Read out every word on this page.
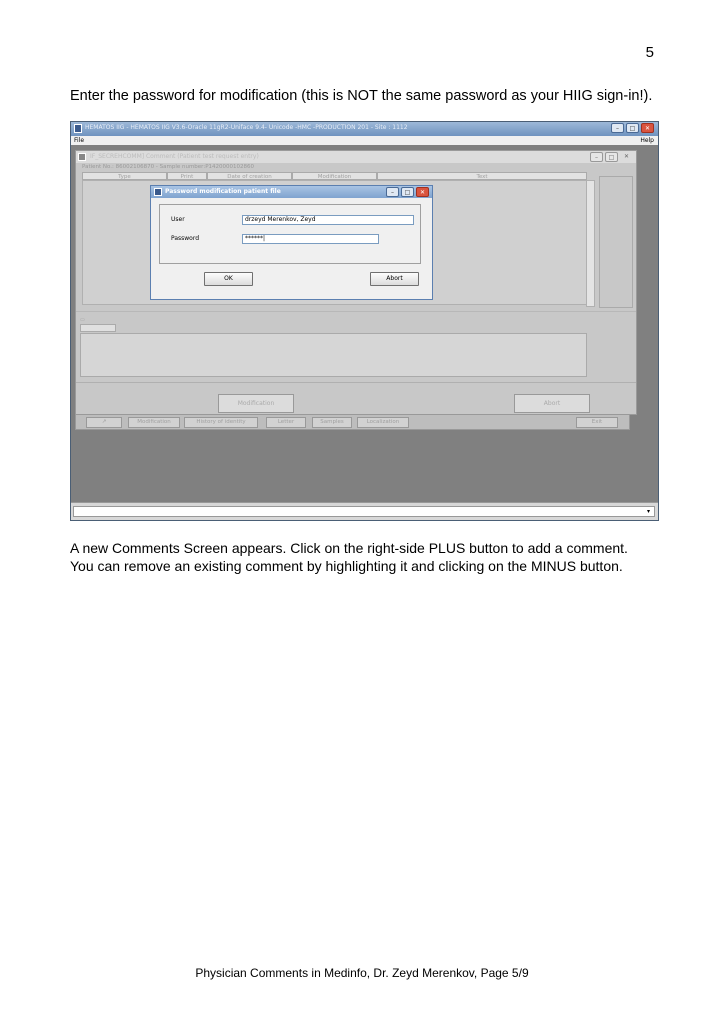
5
Enter the password for modification (this is NOT the same password as your HIIG sign-in!).
HEMATOS IIG - HEMATOS IIG V3.6-Oracle 11gR2-Uniface 9.4- Unicode -HMC -PRODUCTION 201 - Site : 1112	–	□	✕
File	Help
IF_SECREHCOMM] Comment (Patient test request entry)	–	□	✕
Patient No.: 86002106870 - Sample number:P1420000102860
Type	Print	Date of creation	Modification	Text
▭
Modification	Abort
↗	Modification	History of identity	Letter	Samples	Localization	Exit
▾
Password modification patient file	–	□	✕
User	drzeyd Merenkov, Zeyd
Password	******|
OK	Abort
A new Comments Screen appears. Click on the right-side PLUS button to add a comment.
You can remove an existing comment by highlighting it and clicking on the MINUS button.
Physician Comments in Medinfo, Dr. Zeyd Merenkov, Page 5/9
